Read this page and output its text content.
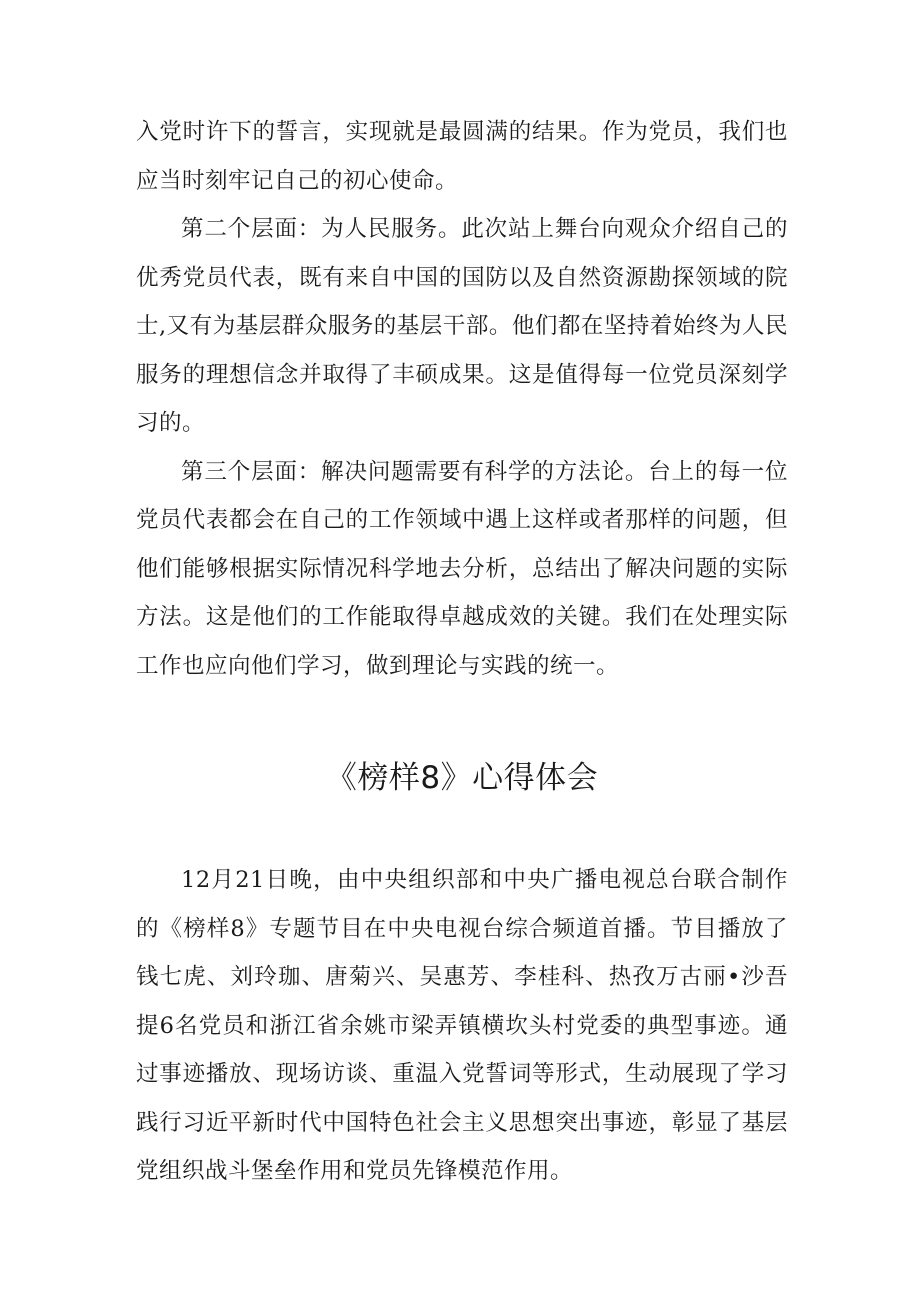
入党时许下的誓言，实现就是最圆满的结果。作为党员，我们也应当时刻牢记自己的初心使命。

第二个层面：为人民服务。此次站上舞台向观众介绍自己的优秀党员代表，既有来自中国的国防以及自然资源勘探领域的院士,又有为基层群众服务的基层干部。他们都在坚持着始终为人民服务的理想信念并取得了丰硕成果。这是值得每一位党员深刻学习的。

第三个层面：解决问题需要有科学的方法论。台上的每一位党员代表都会在自己的工作领域中遇上这样或者那样的问题，但他们能够根据实际情况科学地去分析，总结出了解决问题的实际方法。这是他们的工作能取得卓越成效的关键。我们在处理实际工作也应向他们学习，做到理论与实践的统一。

《榜样8》心得体会

12月21日晚，由中央组织部和中央广播电视总台联合制作的《榜样8》专题节目在中央电视台综合频道首播。节目播放了钱七虎、刘玲珈、唐菊兴、吴惠芳、李桂科、热孜万古丽•沙吾提6名党员和浙江省余姚市梁弄镇横坎头村党委的典型事迹。通过事迹播放、现场访谈、重温入党誓词等形式，生动展现了学习践行习近平新时代中国特色社会主义思想突出事迹，彰显了基层党组织战斗堡垒作用和党员先锋模范作用。
